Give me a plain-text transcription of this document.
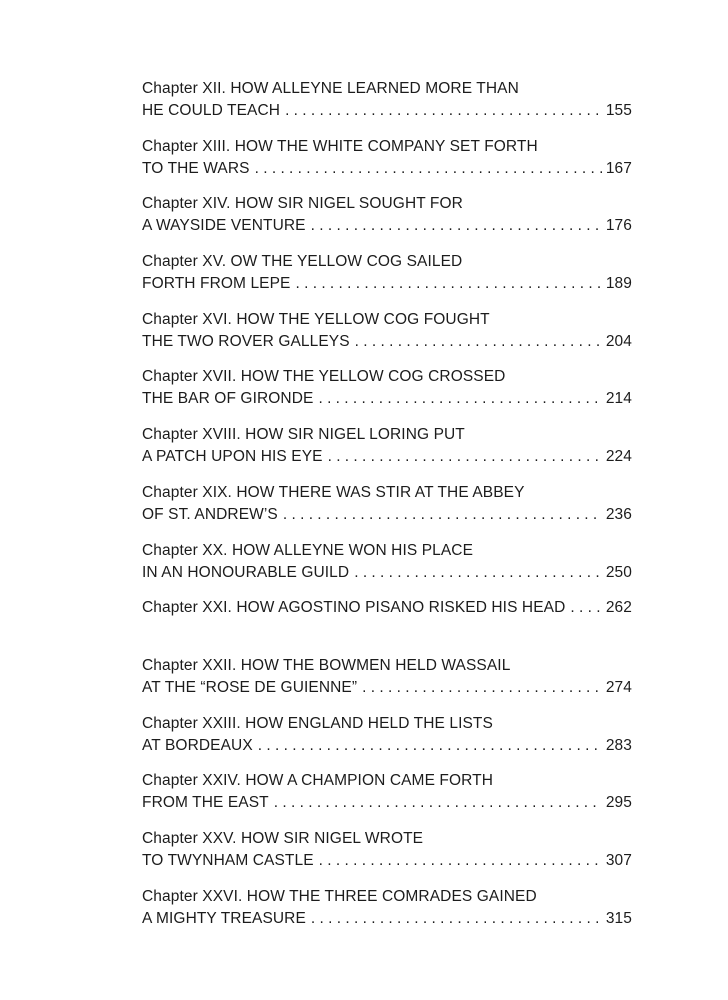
Chapter XII. HOW ALLEYNE LEARNED MORE THAN
HE COULD TEACH . . .	155
Chapter XIII. HOW THE WHITE COMPANY SET FORTH
TO THE WARS . . .	167
Chapter XIV. HOW SIR NIGEL SOUGHT FOR
A WAYSIDE VENTURE . . .	176
Chapter XV. OW THE YELLOW COG SAILED
FORTH FROM LEPE . . .	189
Chapter XVI. HOW THE YELLOW COG FOUGHT
THE TWO ROVER GALLEYS . . .	204
Chapter XVII. HOW THE YELLOW COG CROSSED
THE BAR OF GIRONDE . . .	214
Chapter XVIII. HOW SIR NIGEL LORING PUT
A PATCH UPON HIS EYE . . .	224
Chapter XIX. HOW THERE WAS STIR AT THE ABBEY
OF ST. ANDREW’S . . .	236
Chapter XX. HOW ALLEYNE WON HIS PLACE
IN AN HONOURABLE GUILD . . .	250
Chapter XXI. HOW AGOSTINO PISANO RISKED HIS HEAD . . .	262
Chapter XXII. HOW THE BOWMEN HELD WASSAIL
AT THE “ROSE DE GUIENNE” . . .	274
Chapter XXIII. HOW ENGLAND HELD THE LISTS
AT BORDEAUX . . .	283
Chapter XXIV. HOW A CHAMPION CAME FORTH
FROM THE EAST . . .	295
Chapter XXV. HOW SIR NIGEL WROTE
TO TWYNHAM CASTLE . . .	307
Chapter XXVI. HOW THE THREE COMRADES GAINED
A MIGHTY TREASURE . . .	315
